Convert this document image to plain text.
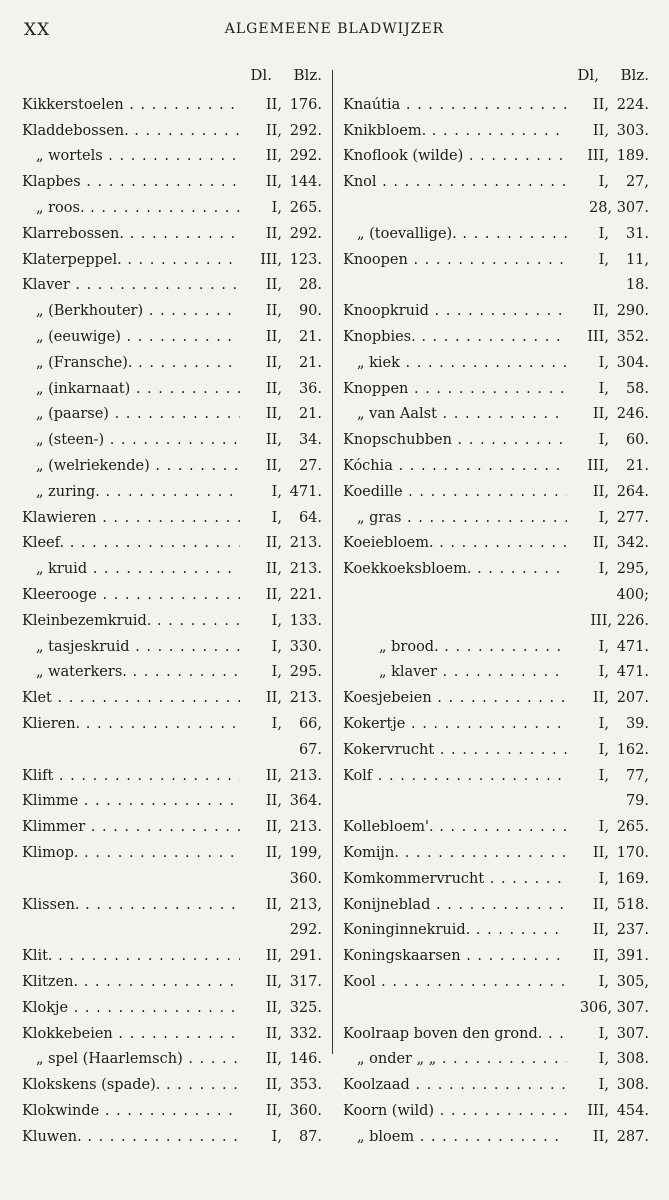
XX	ALGEMEENE BLADWIJZER
Dl. Blz.
Kikkerstoelen . . .	II, 176.
Kladdebossen. . . .	II, 292.
„ wortels . . .	II, 292.
Klapbes . . .	II, 144.
„ roos. . . .	I, 265.
Klarrebossen. . . .	II, 292.
Klaterpeppel. . . .	III, 123.
Klaver . . .	II,	28.
„ (Berkhouter) . . .	II,	90.
„ (eeuwige) . . .	II,	21.
„ (Fransche). . . .	II,	21.
„ (inkarnaat) . . .	II,	36.
„ (paarse) . . .	II,	21.
„ (steen-) . . .	II,	34.
„ (welriekende) . . .	II,	27.
„ zuring. . . .	I, 471.
Klawieren . . .	I,	64.
Kleef. . . .	II, 213.
„ kruid . . .	II, 213.
Kleerooge . . .	II, 221.
Kleinbezemkruid. . . .	I, 133.
„ tasjeskruid . . .	I, 330.
„ waterkers. . . .	I, 295.
Klet . . .	II, 213.
Klieren. . . .	I,	66,
67.
Klift . . .	II, 213.
Klimme . . .	II, 364.
Klimmer . . .	II, 213.
Klimop. . . .	II, 199,
360.
Klissen. . . .	II, 213,
292.
Klit. . . .	II, 291.
Klitzen. . . .	II, 317.
Klokje . . .	II, 325.
Klokkebeien . . .	II, 332.
„ spel (Haarlemsch) . . .	II, 146.
Klokskens (spade). . . .	II, 353.
Klokwinde . . .	II, 360.
Kluwen. . . .	I,	87.
Dl, Blz.
Knaútia . . .	II, 224.
Knikbloem. . . .	II, 303.
Knoflook (wilde) . . .	III, 189.
Knol . . .	I,	27,
28, 307.
„ (toevallige). . . .	I,	31.
Knoopen . . .	I,	11,
18.
Knoopkruid . . .	II, 290.
Knopbies. . . .	III, 352.
„ kiek . . .	I, 304.
Knoppen . . .	I,	58.
„ van Aalst . . .	II, 246.
Knopschubben . . .	I,	60.
Kóchia . . .	III,	21.
Koedille . . .	II, 264.
„ gras . . .	I, 277.
Koeiebloem. . . .	II, 342.
Koekkoeksbloem. . . .	I, 295,
400;
III, 226.
„ brood. . . .	I, 471.
„ klaver . . .	I, 471.
Koesjebeien . . .	II, 207.
Kokertje . . .	I,	39.
Kokervrucht . . .	I, 162.
Kolf . . .	I,	77,
79.
Kollebloem'. . . .	I, 265.
Komijn. . . .	II, 170.
Komkommervrucht . . .	I, 169.
Konijneblad . . .	II, 518.
Koninginnekruid. . . .	II, 237.
Koningskaarsen . . .	II, 391.
Kool . . .	I, 305,
306, 307.
Koolraap boven den grond. . . .	I, 307.
„ onder „ „ . . .	I, 308.
Koolzaad . . .	I, 308.
Koorn (wild) . . .	III, 454.
„ bloem . . .	II, 287.
